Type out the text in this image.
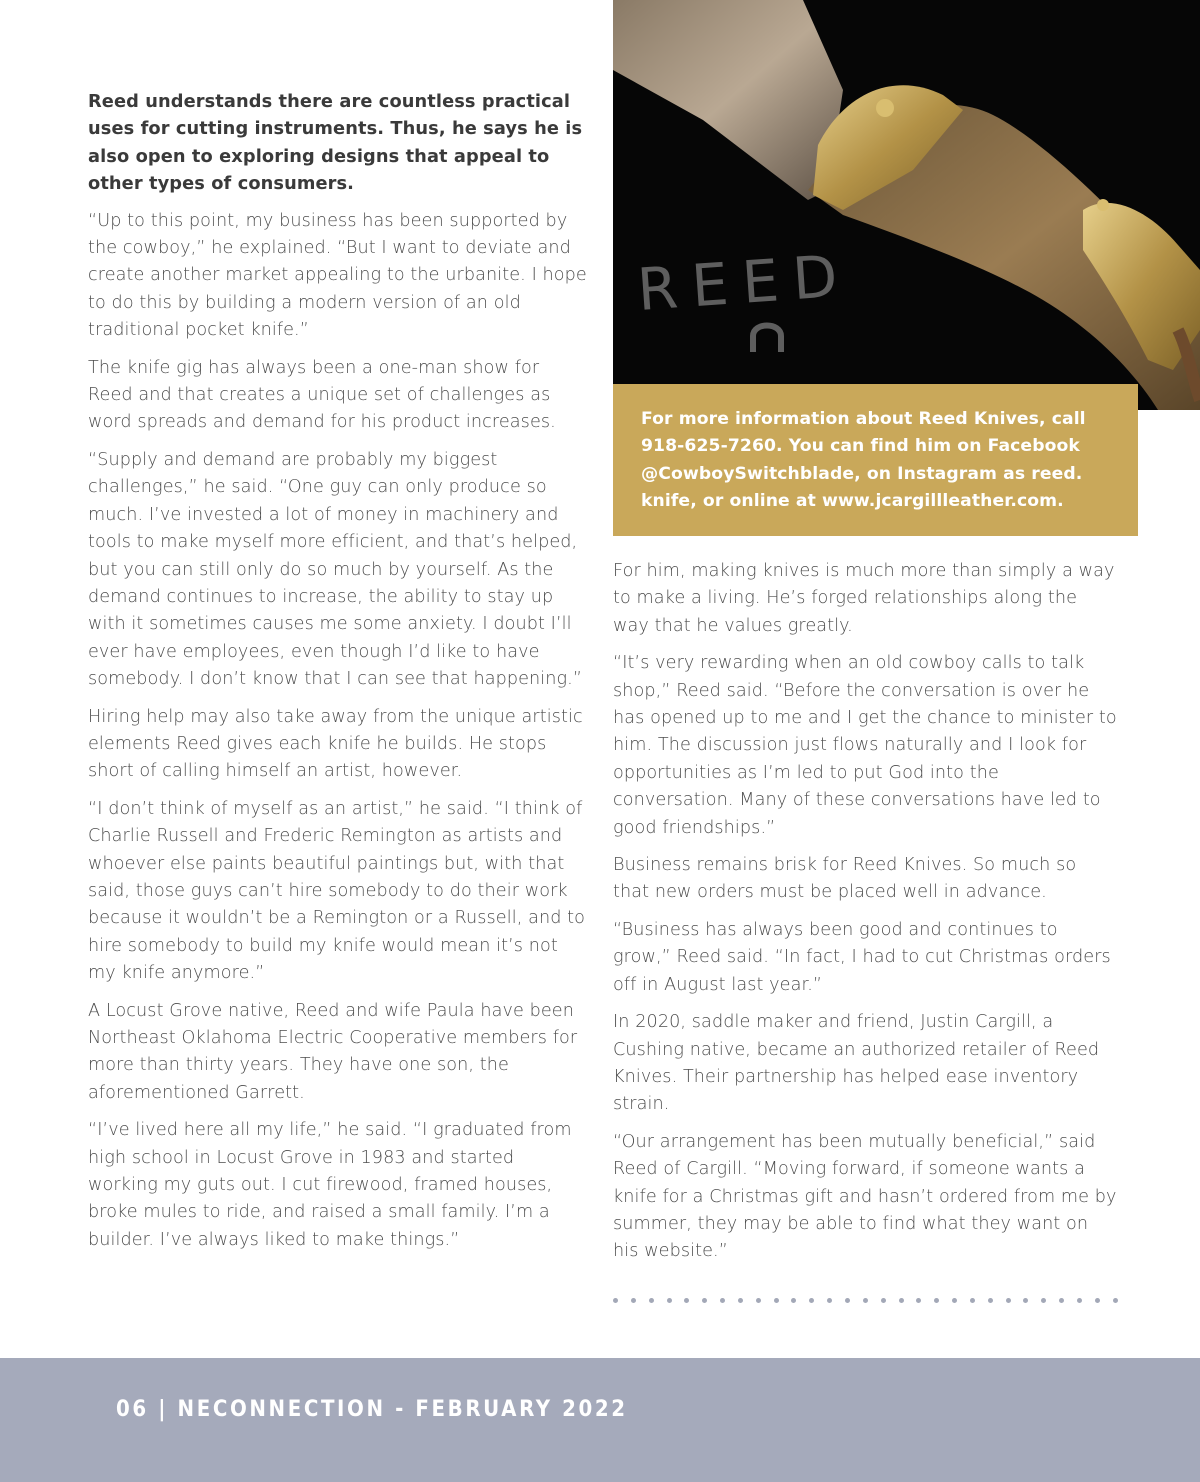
Reed understands there are countless practical uses for cutting instruments. Thus, he says he is also open to exploring designs that appeal to other types of consumers.

“Up to this point, my business has been supported by the cowboy,” he explained. “But I want to deviate and create another market appealing to the urbanite. I hope to do this by building a modern version of an old traditional pocket knife.”

The knife gig has always been a one-man show for Reed and that creates a unique set of challenges as word spreads and demand for his product increases.

“Supply and demand are probably my biggest challenges,” he said. “One guy can only produce so much. I’ve invested a lot of money in machinery and tools to make myself more efficient, and that’s helped, but you can still only do so much by yourself. As the demand continues to increase, the ability to stay up with it sometimes causes me some anxiety. I doubt I’ll ever have employees, even though I’d like to have somebody. I don’t know that I can see that happening.”

Hiring help may also take away from the unique artistic elements Reed gives each knife he builds. He stops short of calling himself an artist, however.

“I don’t think of myself as an artist,” he said. “I think of Charlie Russell and Frederic Remington as artists and whoever else paints beautiful paintings but, with that said, those guys can’t hire somebody to do their work because it wouldn’t be a Remington or a Russell, and to hire somebody to build my knife would mean it’s not my knife anymore.”

A Locust Grove native, Reed and wife Paula have been Northeast Oklahoma Electric Cooperative members for more than thirty years. They have one son, the aforementioned Garrett.

“I’ve lived here all my life,” he said. “I graduated from high school in Locust Grove in 1983 and started working my guts out. I cut firewood, framed houses, broke mules to ride, and raised a small family. I’m a builder. I’ve always liked to make things.”

REED

For more information about Reed Knives, call 918-625-7260. You can find him on Facebook @CowboySwitchblade, on Instagram as reed. knife, or online at www.jcargillleather.com.

For him, making knives is much more than simply a way to make a living. He’s forged relationships along the way that he values greatly.

“It’s very rewarding when an old cowboy calls to talk shop,” Reed said. “Before the conversation is over he has opened up to me and I get the chance to minister to him. The discussion just flows naturally and I look for opportunities as I’m led to put God into the conversation. Many of these conversations have led to good friendships.”

Business remains brisk for Reed Knives. So much so that new orders must be placed well in advance.

“Business has always been good and continues to grow,” Reed said. “In fact, I had to cut Christmas orders off in August last year.”

In 2020, saddle maker and friend, Justin Cargill, a Cushing native, became an authorized retailer of Reed Knives. Their partnership has helped ease inventory strain.

“Our arrangement has been mutually beneficial,” said Reed of Cargill. “Moving forward, if someone wants a knife for a Christmas gift and hasn’t ordered from me by summer, they may be able to find what they want on his website.”

06 | NECONNECTION - FEBRUARY 2022
